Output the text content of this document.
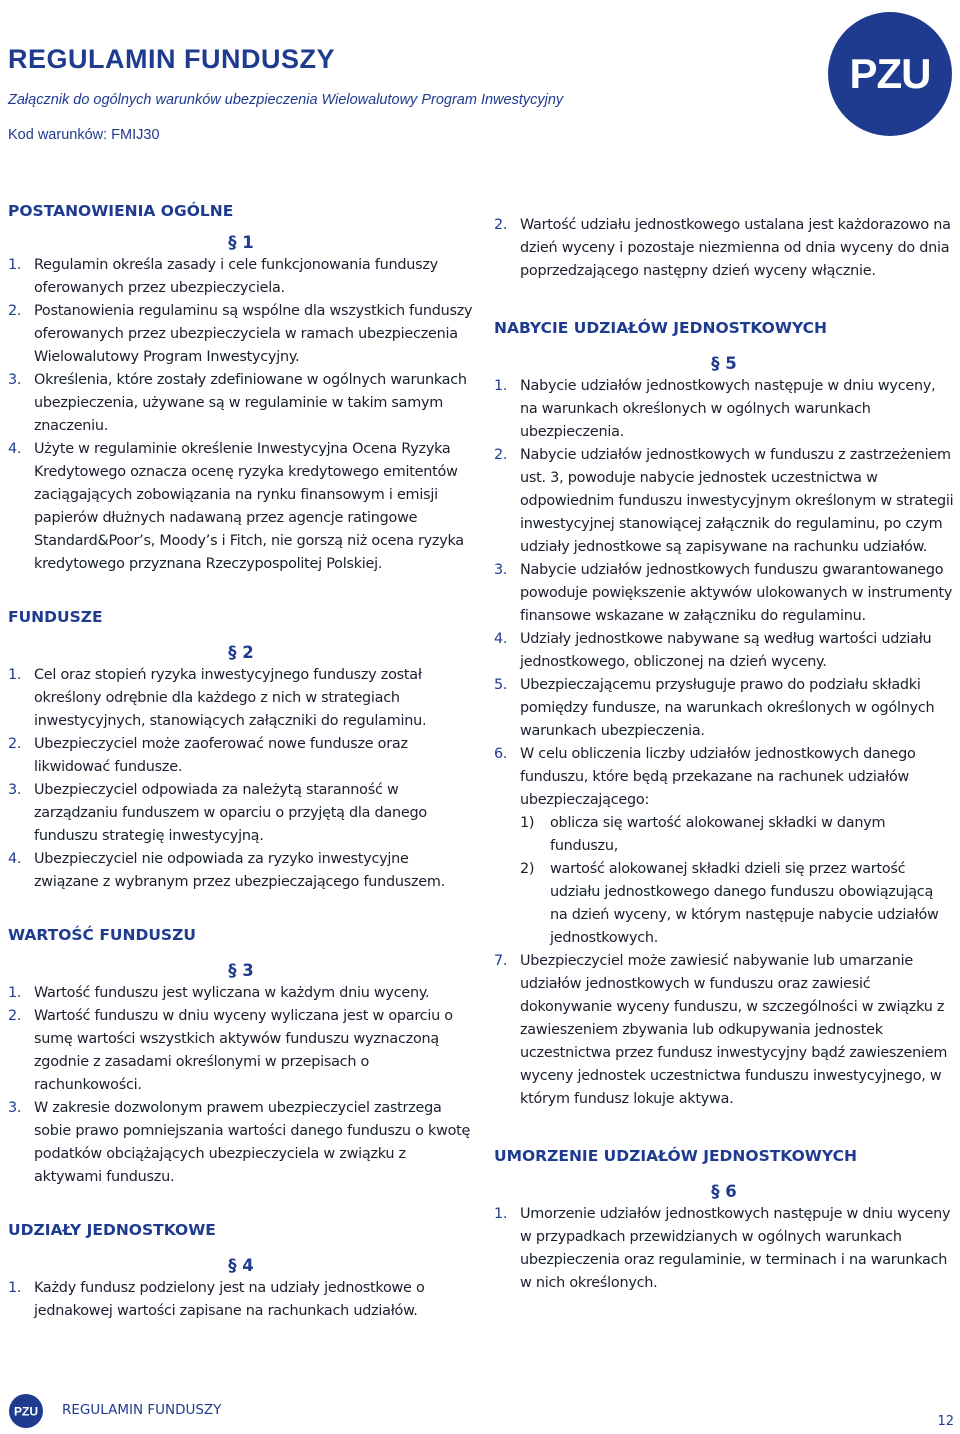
REGULAMIN FUNDUSZY
Załącznik do ogólnych warunków ubezpieczenia Wielowalutowy Program Inwestycyjny
Kod warunków: FMIJ30
PZU
POSTANOWIENIA OGÓLNE
§ 1
1. Regulamin określa zasady i cele funkcjonowania funduszy oferowanych przez ubezpieczyciela.
2. Postanowienia regulaminu są wspólne dla wszystkich funduszy oferowanych przez ubezpieczyciela w ramach ubezpieczenia Wielowalutowy Program Inwestycyjny.
3. Określenia, które zostały zdefiniowane w ogólnych warunkach ubezpieczenia, używane są w regulaminie w takim samym znaczeniu.
4. Użyte w regulaminie określenie Inwestycyjna Ocena Ryzyka Kredytowego oznacza ocenę ryzyka kredytowego emitentów zaciągających zobowiązania na rynku finansowym i emisji papierów dłużnych nadawaną przez agencje ratingowe Standard&Poor’s, Moody’s i Fitch, nie gorszą niż ocena ryzyka kredytowego przyznana Rzeczypospolitej Polskiej.
FUNDUSZE
§ 2
1. Cel oraz stopień ryzyka inwestycyjnego funduszy został określony odrębnie dla każdego z nich w strategiach inwestycyjnych, stanowiących załączniki do regulaminu.
2. Ubezpieczyciel może zaoferować nowe fundusze oraz likwidować fundusze.
3. Ubezpieczyciel odpowiada za należytą staranność w zarządzaniu funduszem w oparciu o przyjętą dla danego funduszu strategię inwestycyjną.
4. Ubezpieczyciel nie odpowiada za ryzyko inwestycyjne związane z wybranym przez ubezpieczającego funduszem.
WARTOŚĆ FUNDUSZU
§ 3
1. Wartość funduszu jest wyliczana w każdym dniu wyceny.
2. Wartość funduszu w dniu wyceny wyliczana jest w oparciu o sumę wartości wszystkich aktywów funduszu wyznaczoną zgodnie z zasadami określonymi w przepisach o rachunkowości.
3. W zakresie dozwolonym prawem ubezpieczyciel zastrzega sobie prawo pomniejszania wartości danego funduszu o kwotę podatków obciążających ubezpieczyciela w związku z aktywami funduszu.
UDZIAŁY JEDNOSTKOWE
§ 4
1. Każdy fundusz podzielony jest na udziały jednostkowe o jednakowej wartości zapisane na rachunkach udziałów.
2. Wartość udziału jednostkowego ustalana jest każdorazowo na dzień wyceny i pozostaje niezmienna od dnia wyceny do dnia poprzedzającego następny dzień wyceny włącznie.
NABYCIE UDZIAŁÓW JEDNOSTKOWYCH
§ 5
1. Nabycie udziałów jednostkowych następuje w dniu wyceny, na warunkach określonych w ogólnych warunkach ubezpieczenia.
2. Nabycie udziałów jednostkowych w funduszu z zastrzeżeniem ust. 3, powoduje nabycie jednostek uczestnictwa w odpowiednim funduszu inwestycyjnym określonym w strategii inwestycyjnej stanowiącej załącznik do regulaminu, po czym udziały jednostkowe są zapisywane na rachunku udziałów.
3. Nabycie udziałów jednostkowych funduszu gwarantowanego powoduje powiększenie aktywów ulokowanych w instrumenty finansowe wskazane w załączniku do regulaminu.
4. Udziały jednostkowe nabywane są według wartości udziału jednostkowego, obliczonej na dzień wyceny.
5. Ubezpieczającemu przysługuje prawo do podziału składki pomiędzy fundusze, na warunkach określonych w ogólnych warunkach ubezpieczenia.
6. W celu obliczenia liczby udziałów jednostkowych danego funduszu, które będą przekazane na rachunek udziałów ubezpieczającego:
1) oblicza się wartość alokowanej składki w danym funduszu,
2) wartość alokowanej składki dzieli się przez wartość udziału jednostkowego danego funduszu obowiązującą na dzień wyceny, w którym następuje nabycie udziałów jednostkowych.
7. Ubezpieczyciel może zawiesić nabywanie lub umarzanie udziałów jednostkowych w funduszu oraz zawiesić dokonywanie wyceny funduszu, w szczególności w związku z zawieszeniem zbywania lub odkupywania jednostek uczestnictwa przez fundusz inwestycyjny bądź zawieszeniem wyceny jednostek uczestnictwa funduszu inwestycyjnego, w którym fundusz lokuje aktywa.
UMORZENIE UDZIAŁÓW JEDNOSTKOWYCH
§ 6
1. Umorzenie udziałów jednostkowych następuje w dniu wyceny w przypadkach przewidzianych w ogólnych warunkach ubezpieczenia oraz regulaminie, w terminach i na warunkach w nich określonych.
PZU REGULAMIN FUNDUSZY
12
